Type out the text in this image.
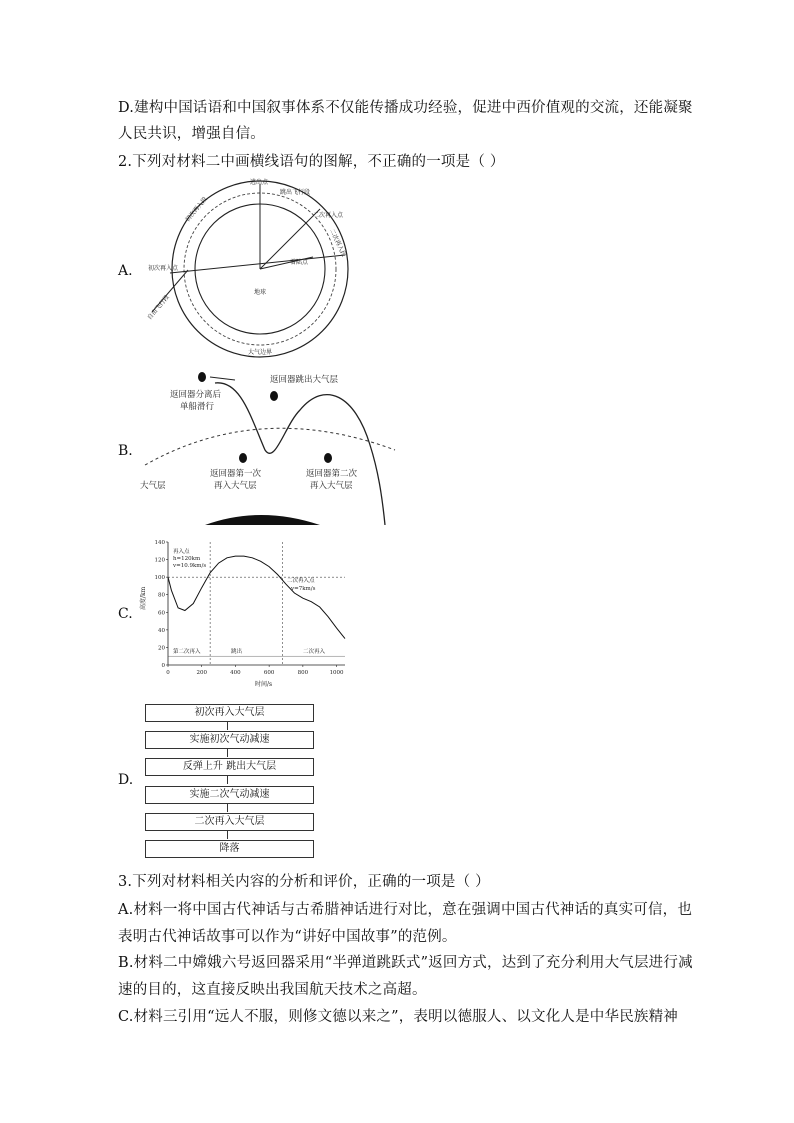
D.建构中国话语和中国叙事体系不仅能传播成功经验，促进中西价值观的交流，还能凝聚
人民共识，增强自信。
2.下列对材料二中画横线语句的图解，不正确的一项是（ ）
A.
逃出点
跳出飞行段
二次再入点
初次再入段
二次再入段
初次再入点
着陆点
自由飞行段
地球
大气边界
B.
返回器分离后
单船滑行
返回器跳出大气层
返回器第一次
再入大气层
返回器第二次
再入大气层
大气层
C.
0
20
40
60
80
100
120
140
0	200	400	600	800	1000
再入点
h=120km
v=10.9km/s
二次再入点
v=7km/s
第二次再入	跳出	二次再入
时间/s
高度/km
D.
初次再入大气层
实施初次气动减速
反弹上升 跳出大气层
实施二次气动减速
二次再入大气层
降落
3.下列对材料相关内容的分析和评价，正确的一项是（ ）
A.材料一将中国古代神话与古希腊神话进行对比，意在强调中国古代神话的真实可信，也
表明古代神话故事可以作为“讲好中国故事”的范例。
B.材料二中嫦娥六号返回器采用“半弹道跳跃式”返回方式，达到了充分利用大气层进行减
速的目的，这直接反映出我国航天技术之高超。
C.材料三引用“远人不服，则修文德以来之”，表明以德服人、以文化人是中华民族精神
